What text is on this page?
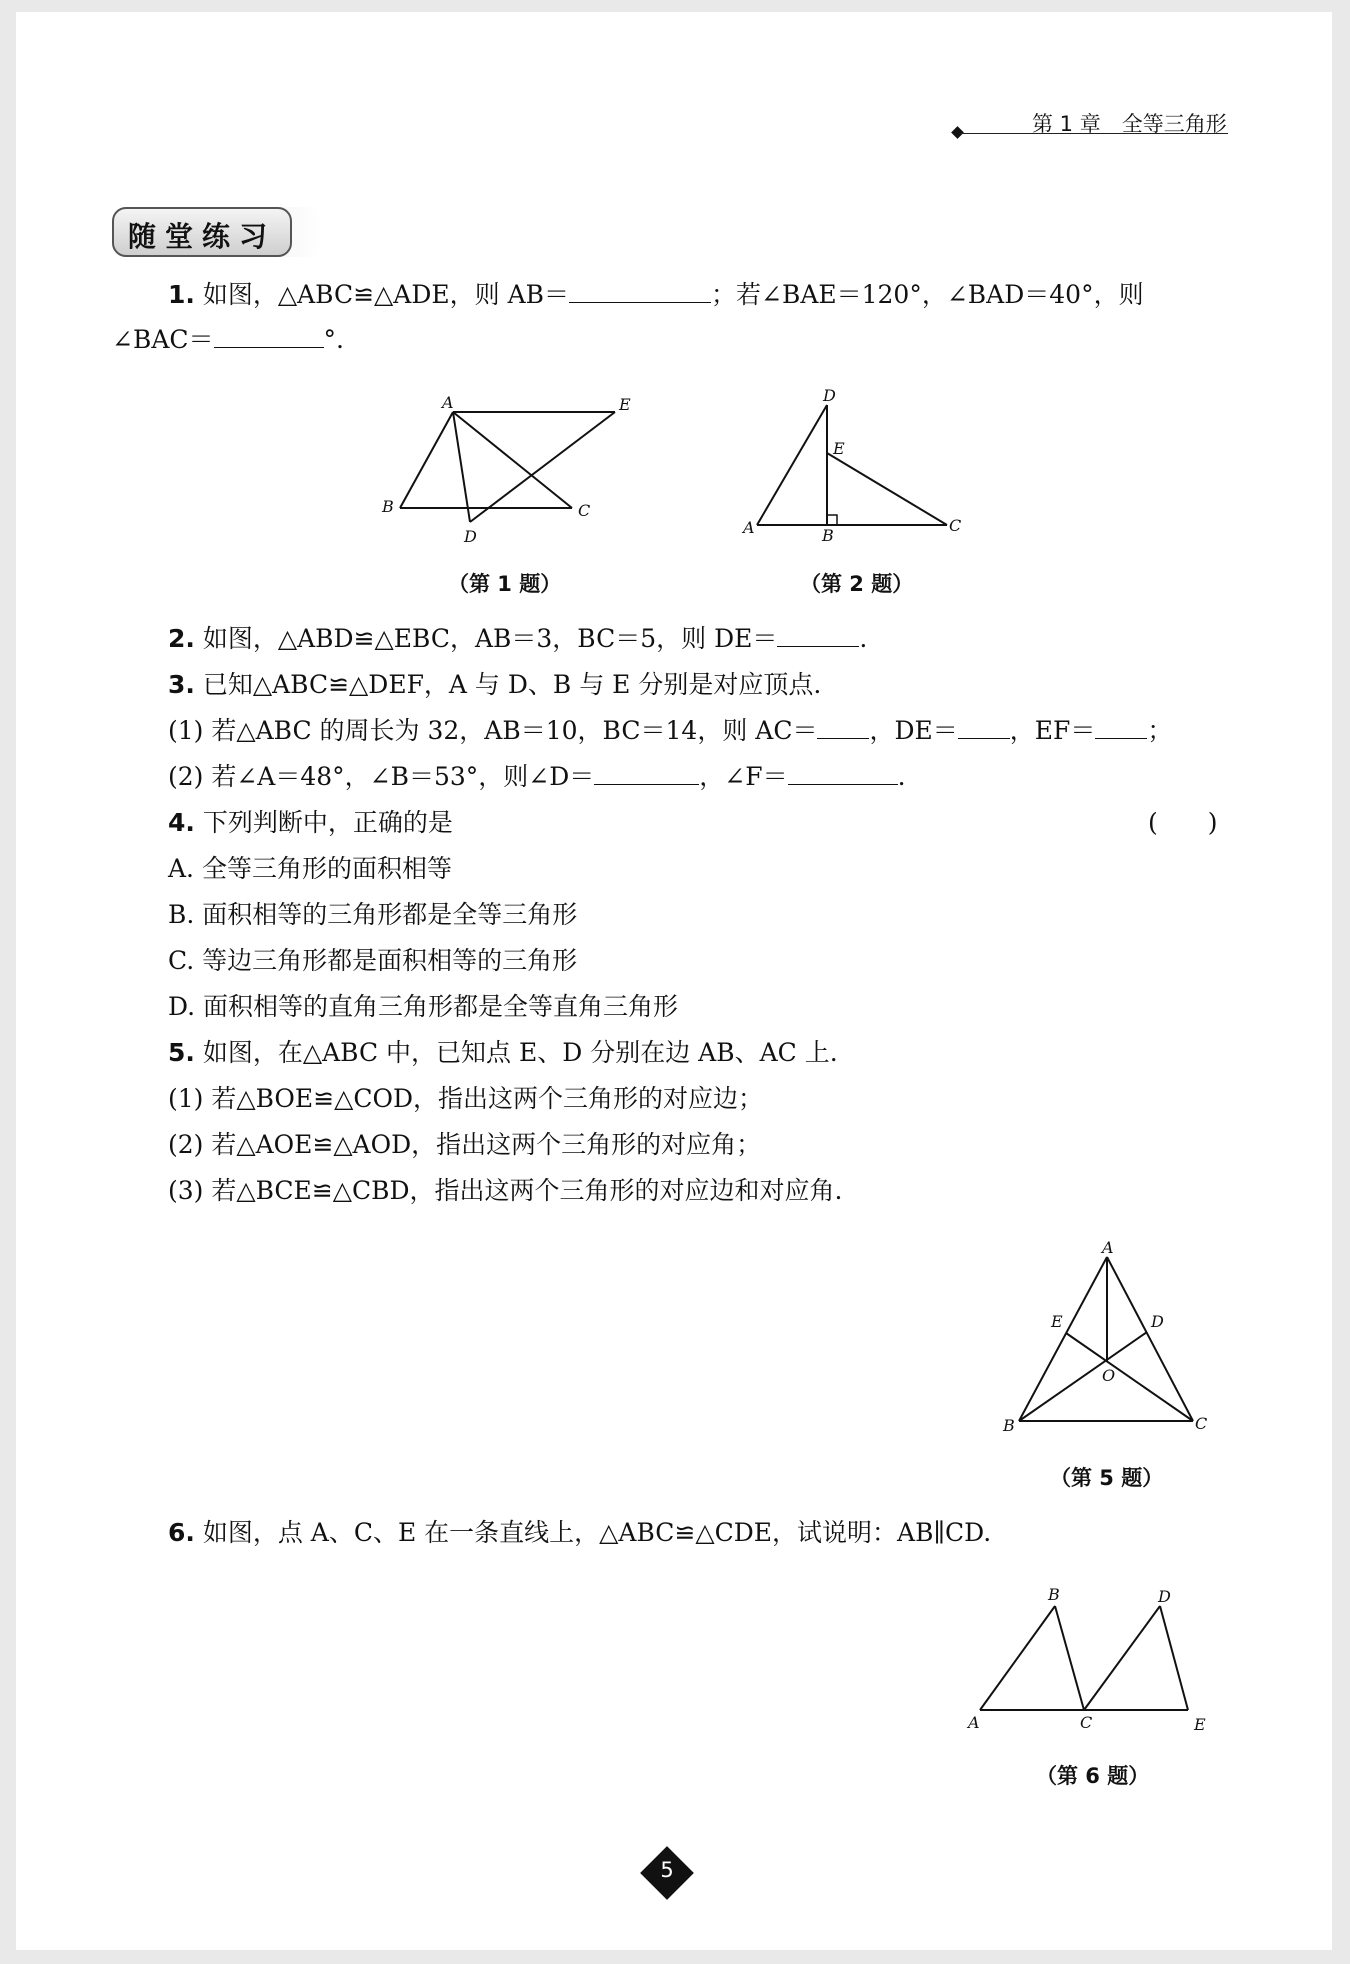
第 1 章　全等三角形
随堂练习
1. 如图，△ABC≌△ADE，则 AB＝	；若∠BAE＝120°，∠BAD＝40°，则
∠BAC＝	°.
A	E
B	C
D
（第 1 题）
D
E
A	B
C
（第 2 题）
2. 如图，△ABD≌△EBC，AB＝3，BC＝5，则 DE＝	.
3. 已知△ABC≌△DEF，A 与 D、B 与 E 分别是对应顶点.
(1) 若△ABC 的周长为 32，AB＝10，BC＝14，则 AC＝ ，DE＝ ，EF＝ ；
(2) 若∠A＝48°，∠B＝53°，则∠D＝	，∠F＝	.
4. 下列判断中，正确的是	(　　)
A. 全等三角形的面积相等
B. 面积相等的三角形都是全等三角形
C. 等边三角形都是面积相等的三角形
D. 面积相等的直角三角形都是全等直角三角形
5. 如图，在△ABC 中，已知点 E、D 分别在边 AB、AC 上.
(1) 若△BOE≌△COD，指出这两个三角形的对应边；
(2) 若△AOE≌△AOD，指出这两个三角形的对应角；
(3) 若△BCE≌△CBD，指出这两个三角形的对应边和对应角.
A
E	D
O
B	C
（第 5 题）
6. 如图，点 A、C、E 在一条直线上，△ABC≌△CDE，试说明：AB∥CD.
B	D
A	C	E
（第 6 题）
5
